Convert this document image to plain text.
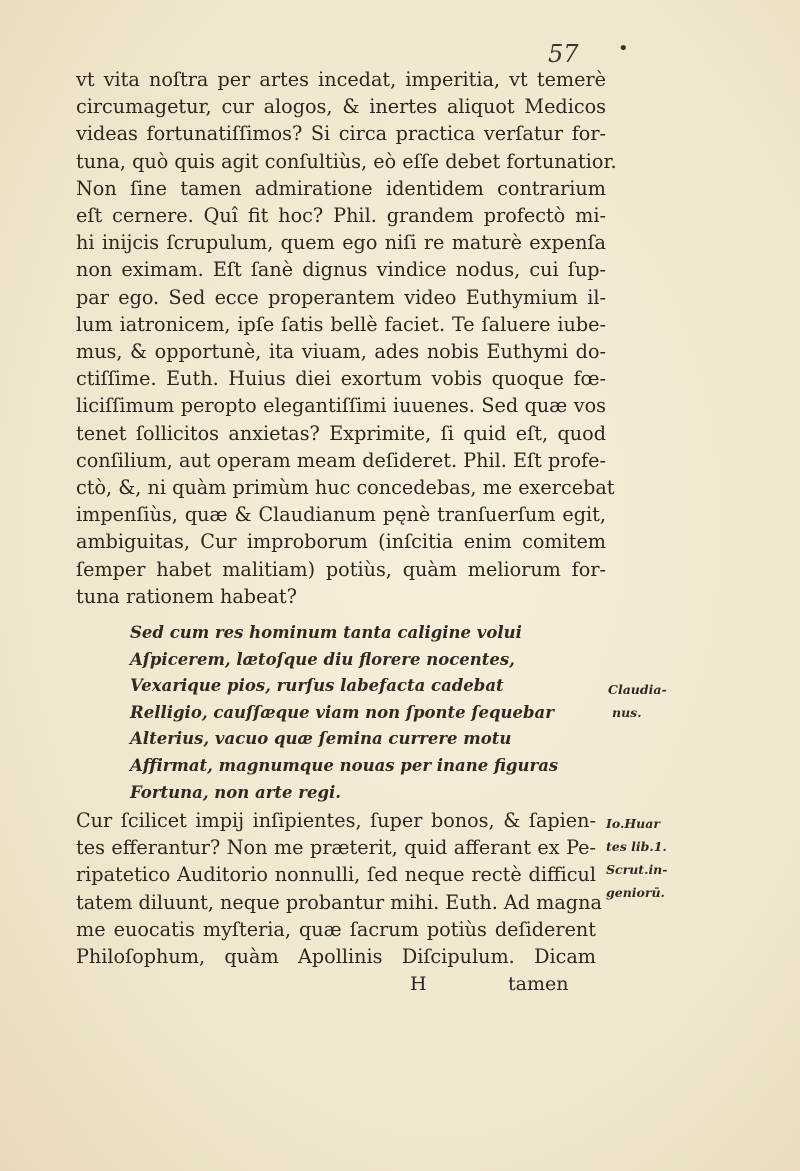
57 •
vt vita noſtra per artes incedat, imperitia, vt temerè
circumagetur, cur alogos, & inertes aliquot Medicos
videas fortunatiſſimos? Si circa practica verſatur for-
tuna, quò quis agit conſultiùs, eò eſſe debet fortunatior.
Non ſine tamen admiratione identidem contrarium
eſt cernere. Quî fit hoc? Phil. grandem profectò mi-
hi inijcis ſcrupulum, quem ego niſi re maturè expenſa
non eximam. Eſt ſanè dignus vindice nodus, cui ſup-
par ego. Sed ecce properantem video Euthymium il-
lum iatronicem, ipſe ſatis bellè faciet. Te ſaluere iube-
mus, & opportunè, ita viuam, ades nobis Euthymi do-
ctiſſime. Euth. Huius diei exortum vobis quoque fœ-
liciſſimum peropto elegantiſſimi iuuenes. Sed quæ vos
tenet ſollicitos anxietas? Exprimite, ſi quid eſt, quod
conſilium, aut operam meam deſideret. Phil. Eſt profe-
ctò, &, ni quàm primùm huc concedebas, me exercebat
impenſiùs, quæ & Claudianum pęnè tranſuerſum egit,
ambiguitas, Cur improborum (inſcitia enim comitem
ſemper habet malitiam) potiùs, quàm meliorum for-
tuna rationem habeat?
Sed cum res hominum tanta caligine volui
Aſpicerem, lætoſque diu florere nocentes,
Vexarique pios, rurſus labefacta cadebat
Relligio, cauſſæque viam non ſponte ſequebar
Alterius, vacuo quæ ſemina currere motu
Affirmat, magnumque nouas per inane figuras
Fortuna, non arte regi.
Claudia-
nus.
Cur ſcilicet impij inſipientes, ſuper bonos, & ſapien-
tes efferantur? Non me præterit, quid afferant ex Pe-
ripatetico Auditorio nonnulli, ſed neque rectè difficul
tatem diluunt, neque probantur mihi. Euth. Ad magna
me euocatis myſteria, quæ ſacrum potiùs deſiderent
Philoſophum, quàm Apollinis Diſcipulum. Dicam
Io.Huar
tes lib.1.
Scrut.in-
geniorū.
H	tamen
